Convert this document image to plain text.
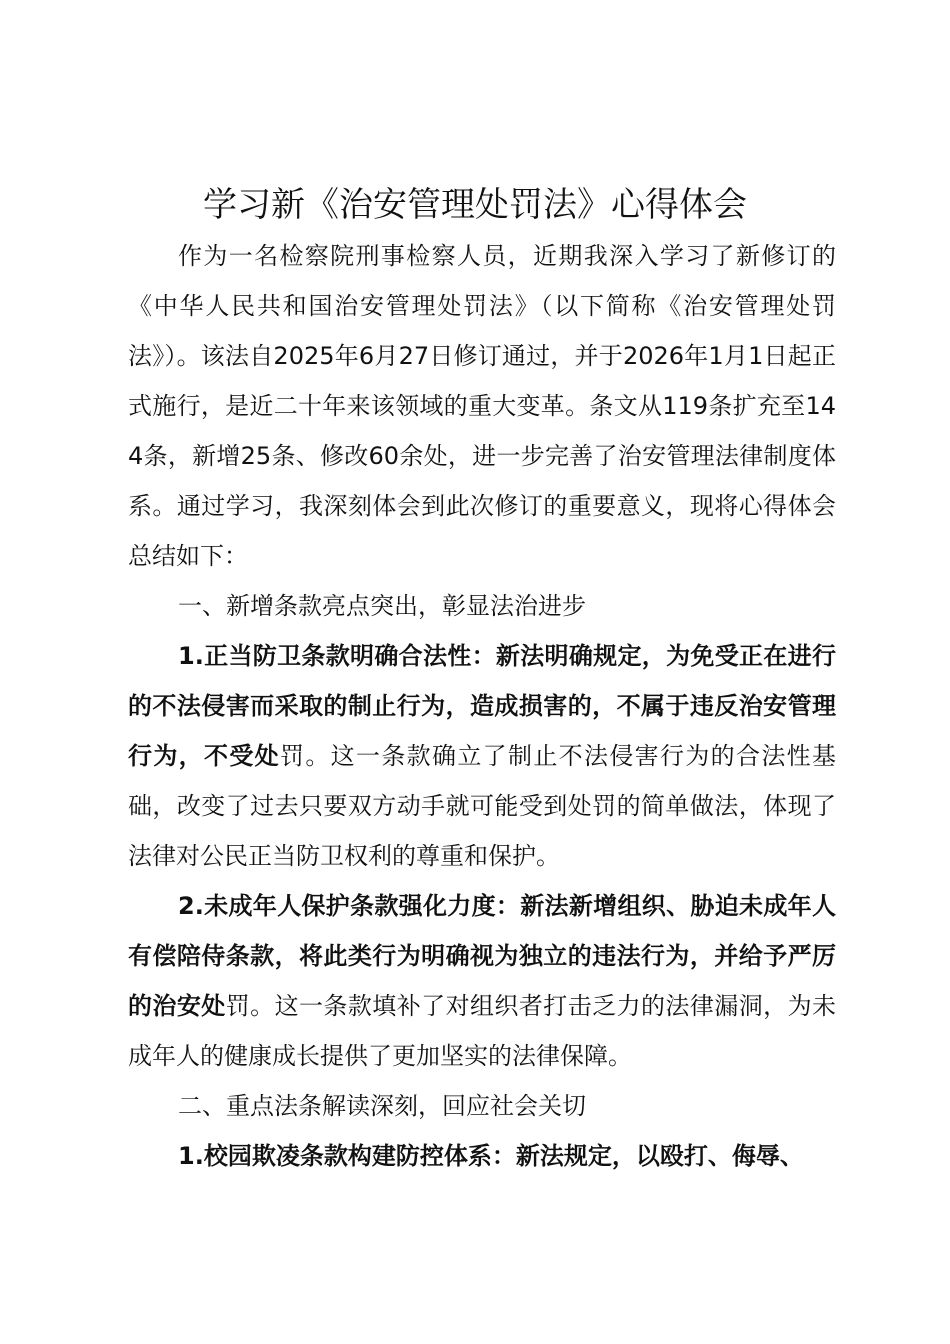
学习新《治安管理处罚法》心得体会

作为一名检察院刑事检察人员，近期我深入学习了新修订的《中华人民共和国治安管理处罚法》（以下简称《治安管理处罚法》）。该法自2025年6月27日修订通过，并于2026年1月1日起正式施行，是近二十年来该领域的重大变革。条文从119条扩充至144条，新增25条、修改60余处，进一步完善了治安管理法律制度体系。通过学习，我深刻体会到此次修订的重要意义，现将心得体会总结如下：

一、新增条款亮点突出，彰显法治进步

1.正当防卫条款明确合法性：新法明确规定，为免受正在进行的不法侵害而采取的制止行为，造成损害的，不属于违反治安管理行为，不受处罚。这一条款确立了制止不法侵害行为的合法性基础，改变了过去只要双方动手就可能受到处罚的简单做法，体现了法律对公民正当防卫权利的尊重和保护。

2.未成年人保护条款强化力度：新法新增组织、胁迫未成年人有偿陪侍条款，将此类行为明确视为独立的违法行为，并给予严厉的治安处罚。这一条款填补了对组织者打击乏力的法律漏洞，为未成年人的健康成长提供了更加坚实的法律保障。

二、重点法条解读深刻，回应社会关切

1.校园欺凌条款构建防控体系：新法规定，以殴打、侮辱、
